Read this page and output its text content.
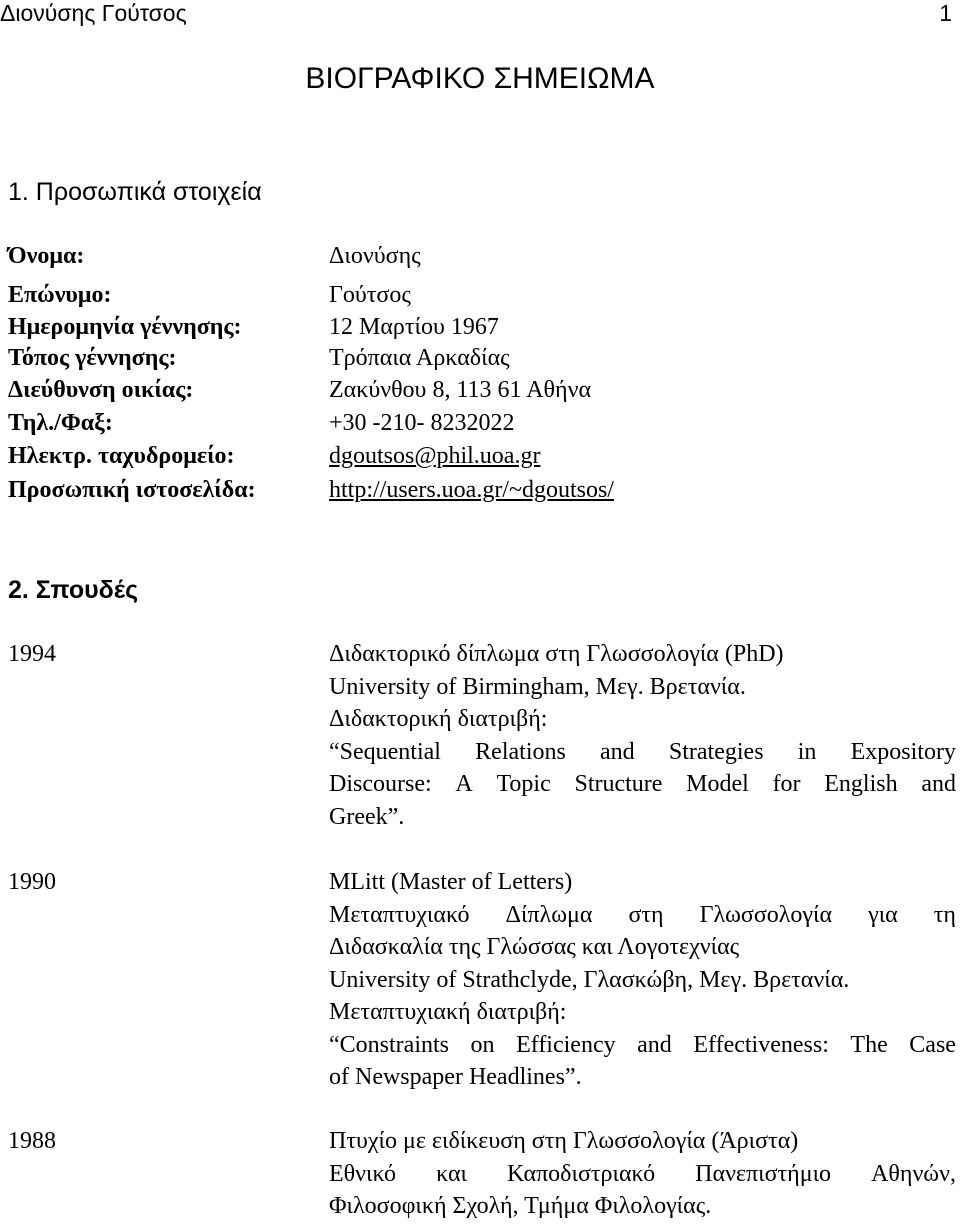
Διονύσης Γούτσος	1
ΒΙΟΓΡΑΦΙΚΟ ΣΗΜΕΙΩΜΑ
1. Προσωπικά στοιχεία
Όνομα:	Διονύσης
Επώνυμο:	Γούτσος
Ημερομηνία γέννησης:	12 Μαρτίου 1967
Τόπος γέννησης:	Τρόπαια Αρκαδίας
Διεύθυνση οικίας:	Ζακύνθου 8, 113 61 Αθήνα
Τηλ./Φαξ:	+30 -210- 8232022
Ηλεκτρ. ταχυδρομείο:	dgoutsos@phil.uoa.gr
Προσωπική ιστοσελίδα:	http://users.uoa.gr/~dgoutsos/
2. Σπουδές
1994	Διδακτορικό δίπλωμα στη Γλωσσολογία (PhD)
University of Birmingham, Μεγ. Βρετανία.
Διδακτορική διατριβή:
“Sequential Relations and Strategies in Expository
Discourse: A Topic Structure Model for English and
Greek”.
1990	MLitt (Master of Letters)
Μεταπτυχιακό Δίπλωμα στη Γλωσσολογία για τη
Διδασκαλία της Γλώσσας και Λογοτεχνίας
University of Strathclyde, Γλασκώβη, Μεγ. Βρετανία.
Μεταπτυχιακή διατριβή:
“Constraints on Efficiency and Effectiveness: The Case
of Newspaper Headlines”.
1988	Πτυχίο με ειδίκευση στη Γλωσσολογία (Άριστα)
Εθνικό και Καποδιστριακό Πανεπιστήμιο Αθηνών,
Φιλοσοφική Σχολή, Τμήμα Φιλολογίας.
